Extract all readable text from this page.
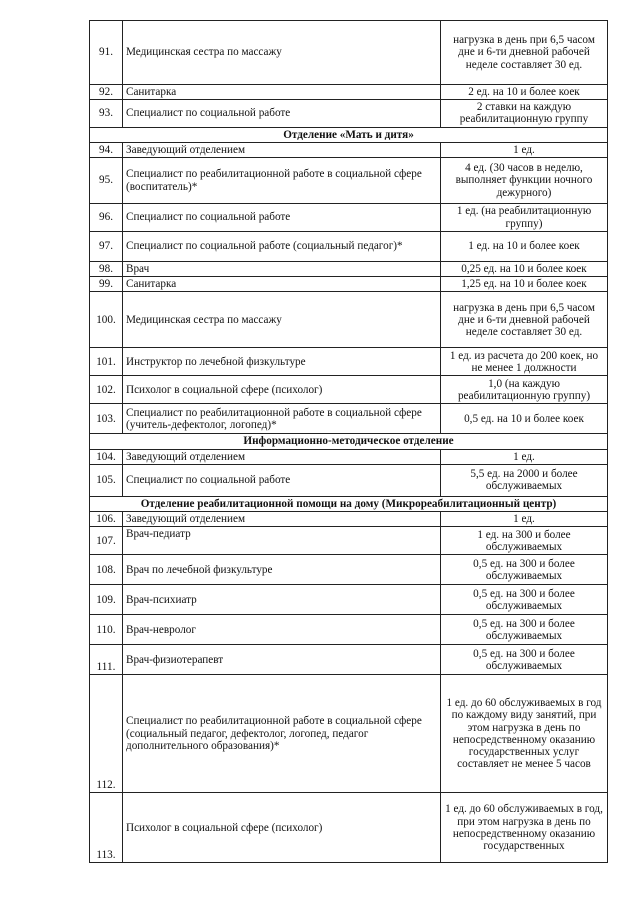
91.	Медицинская сестра по массажу	нагрузка в день при 6,5 часом дне и 6-ти дневной рабочей неделе составляет 30 ед.
92.	Санитарка	2 ед. на 10 и более коек
93.	Специалист по социальной работе	2 ставки на каждую реабилитационную группу
Отделение «Мать и дитя»		
94.	Заведующий отделением	1 ед.
95.	Специалист по реабилитационной работе в социальной сфере (воспитатель)*	4 ед. (30 часов в неделю, выполняет функции ночного дежурного)
96.	Специалист по социальной работе	1 ед. (на реабилитационную группу)
97.	Специалист по социальной работе (социальный педагог)*	1 ед. на 10 и более коек
98.	Врач	0,25 ед. на 10 и более коек
99.	Санитарка	1,25 ед. на 10 и более коек
100.	Медицинская сестра по массажу	нагрузка в день при 6,5 часом дне и 6-ти дневной рабочей неделе составляет 30 ед.
101.	Инструктор по лечебной физкультуре	1 ед. из расчета до 200 коек, но не менее 1 должности
102.	Психолог в социальной сфере (психолог)	1,0 (на каждую реабилитационную группу)
103.	Специалист по реабилитационной работе в социальной сфере (учитель-дефектолог, логопед)*	0,5 ед. на 10 и более коек
Информационно-методическое отделение		
104.	Заведующий отделением	1 ед.
105.	Специалист по социальной работе	5,5 ед. на 2000 и более обслуживаемых
Отделение реабилитационной помощи на дому (Микрореабилитационный центр)		
106.	Заведующий отделением	1 ед.
107.	Врач-педиатр	1 ед. на 300 и более обслуживаемых
108.	Врач по лечебной физкультуре	0,5 ед. на 300 и более обслуживаемых
109.	Врач-психиатр	0,5 ед. на 300 и более обслуживаемых
110.	Врач-невролог	0,5 ед. на 300 и более обслуживаемых
111.	Врач-физиотерапевт	0,5 ед. на 300 и более обслуживаемых
112.	Специалист по реабилитационной работе в социальной сфере (социальный педагог, дефектолог, логопед, педагог дополнительного образования)*	1 ед. до 60 обслуживаемых в год по каждому виду занятий, при этом нагрузка в день по непосредственному оказанию государственных услуг составляет не менее 5 часов
113.	Психолог в социальной сфере (психолог)	1 ед. до 60 обслуживаемых в год, при этом нагрузка в день по непосредственному оказанию государственных
